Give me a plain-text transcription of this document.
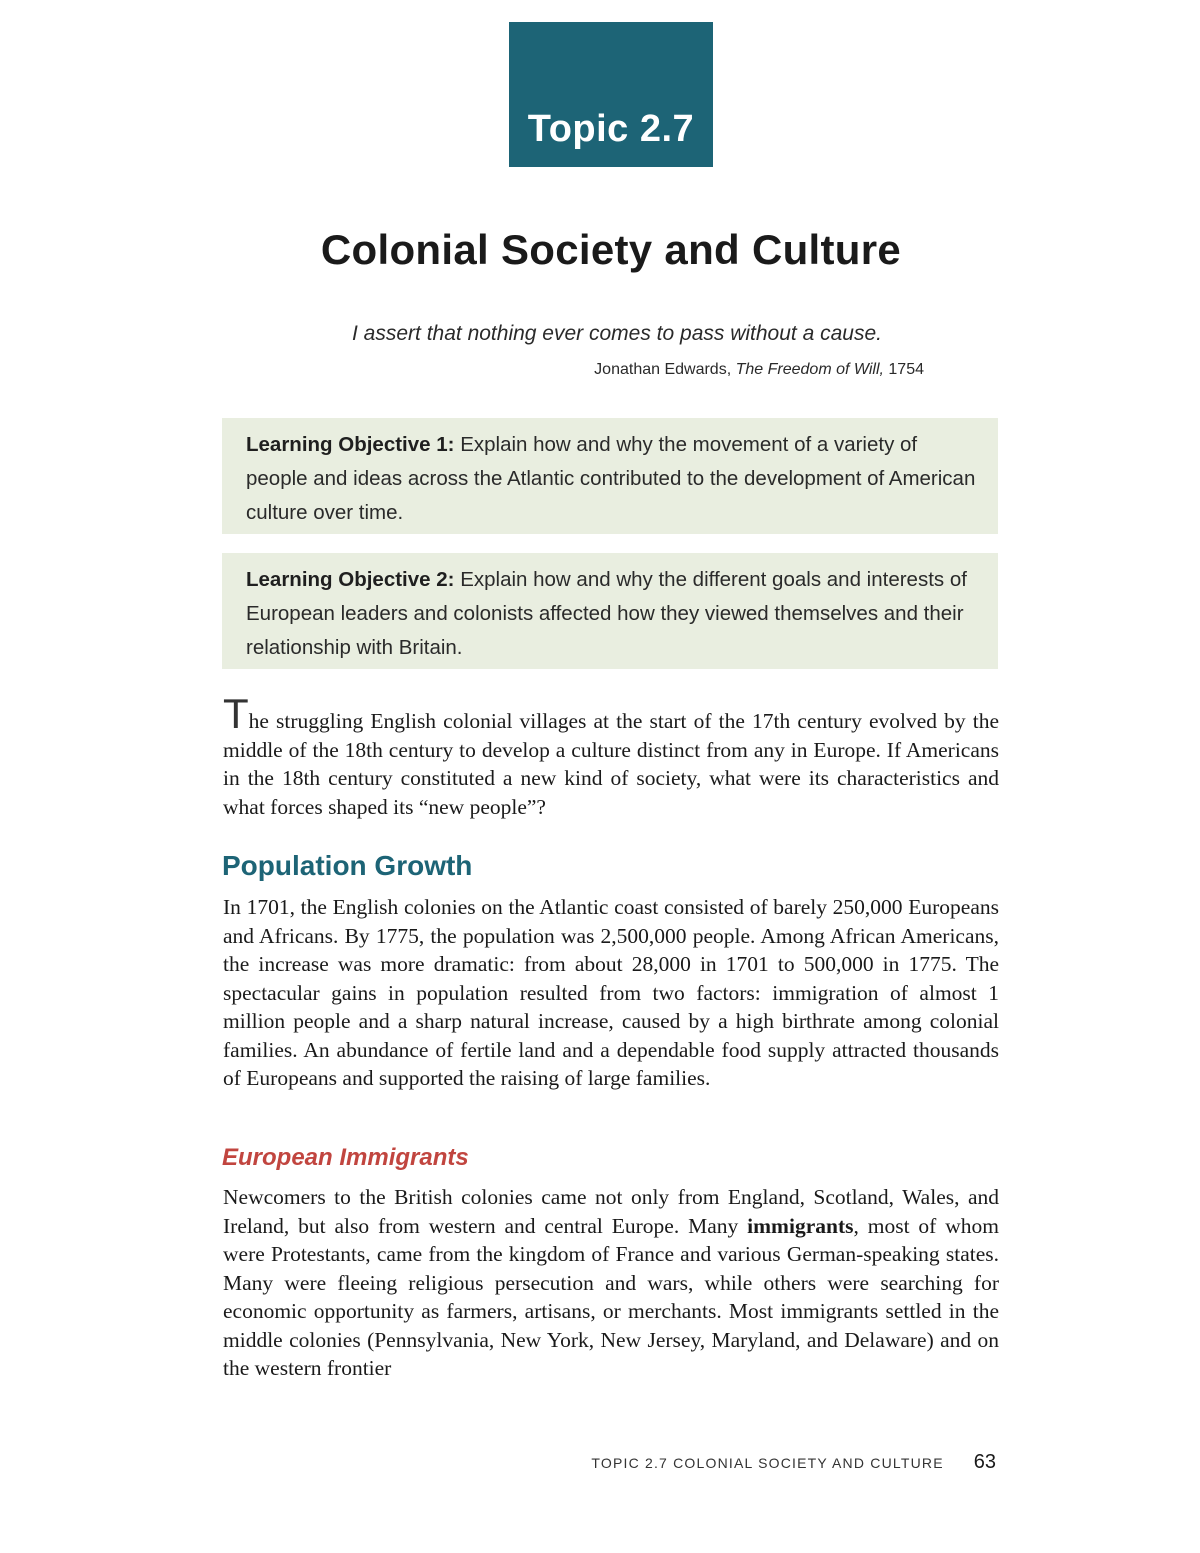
Topic 2.7
Colonial Society and Culture

I assert that nothing ever comes to pass without a cause.

Jonathan Edwards, The Freedom of Will, 1754

Learning Objective 1: Explain how and why the movement of a variety of people and ideas across the Atlantic contributed to the development of American culture over time.
Learning Objective 2: Explain how and why the different goals and interests of European leaders and colonists affected how they viewed themselves and their relationship with Britain.

The struggling English colonial villages at the start of the 17th century evolved by the middle of the 18th century to develop a culture distinct from any in Europe. If Americans in the 18th century constituted a new kind of society, what were its characteristics and what forces shaped its “new people”?

Population Growth

In 1701, the English colonies on the Atlantic coast consisted of barely 250,000 Europeans and Africans. By 1775, the population was 2,500,000 people. Among African Americans, the increase was more dramatic: from about 28,000 in 1701 to 500,000 in 1775. The spectacular gains in population resulted from two factors: immigration of almost 1 million people and a sharp natural increase, caused by a high birthrate among colonial families. An abundance of fertile land and a dependable food supply attracted thousands of Europeans and supported the raising of large families.

European Immigrants

Newcomers to the British colonies came not only from England, Scotland, Wales, and Ireland, but also from western and central Europe. Many immigrants, most of whom were Protestants, came from the kingdom of France and various German-speaking states. Many were fleeing religious persecution and wars, while others were searching for economic opportunity as farmers, artisans, or merchants. Most immigrants settled in the middle colonies (Pennsylvania, New York, New Jersey, Maryland, and Delaware) and on the western frontier

TOPIC 2.7 COLONIAL SOCIETY AND CULTURE 63
